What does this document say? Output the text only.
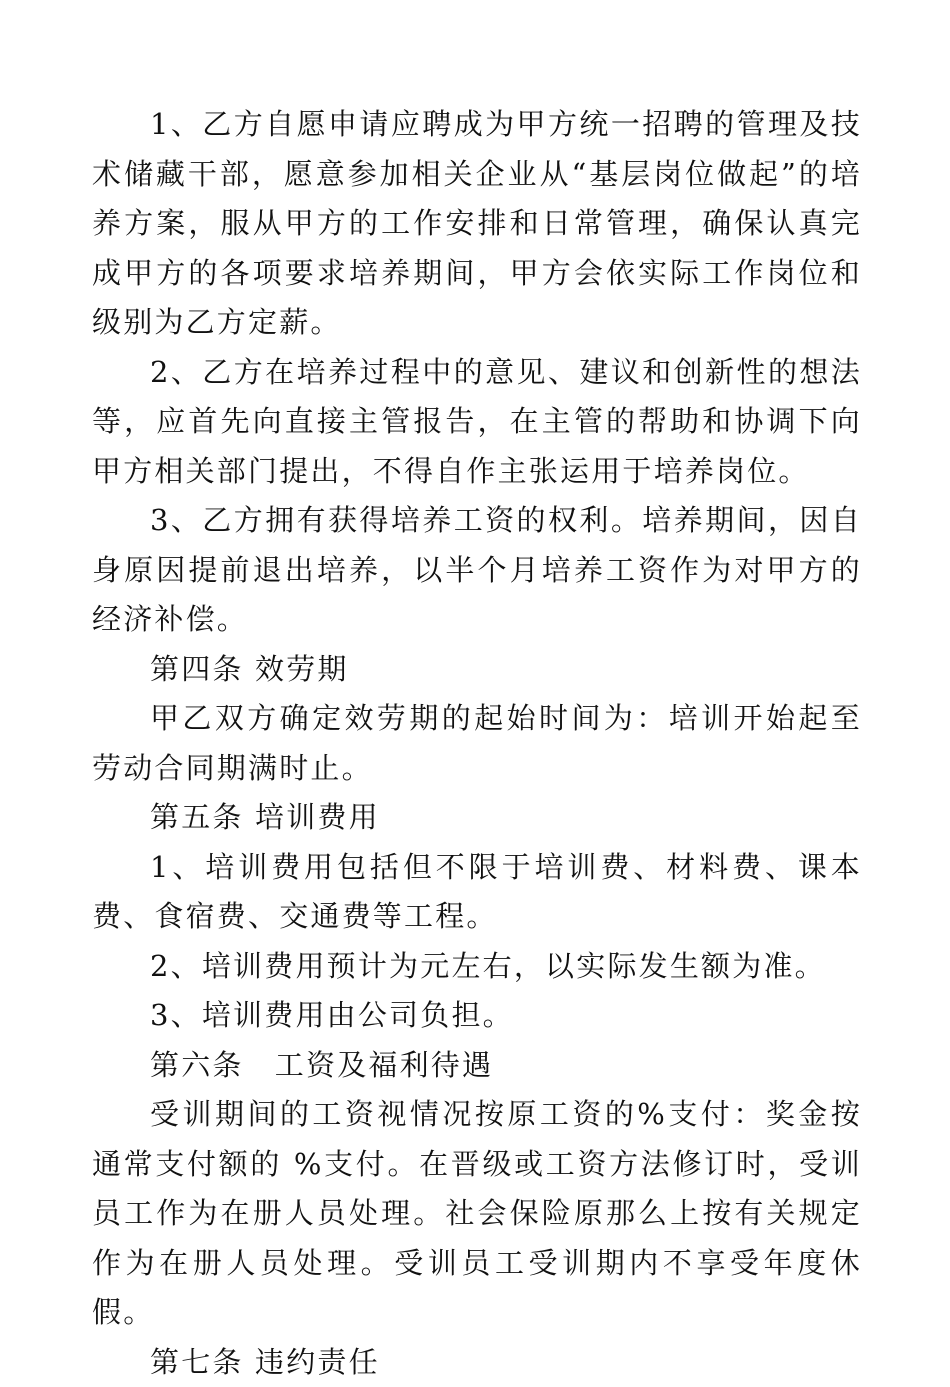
1、乙方自愿申请应聘成为甲方统一招聘的管理及技术储藏干部，愿意参加相关企业从“基层岗位做起”的培养方案，服从甲方的工作安排和日常管理，确保认真完成甲方的各项要求培养期间，甲方会依实际工作岗位和级别为乙方定薪。

2、乙方在培养过程中的意见、建议和创新性的想法等，应首先向直接主管报告，在主管的帮助和协调下向甲方相关部门提出，不得自作主张运用于培养岗位。

3、乙方拥有获得培养工资的权利。培养期间，因自身原因提前退出培养，以半个月培养工资作为对甲方的经济补偿。

第四条 效劳期

甲乙双方确定效劳期的起始时间为：培训开始起至劳动合同期满时止。

第五条 培训费用

1、培训费用包括但不限于培训费、材料费、课本费、食宿费、交通费等工程。

2、培训费用预计为元左右，以实际发生额为准。

3、培训费用由公司负担。

第六条　工资及福利待遇

受训期间的工资视情况按原工资的%支付：奖金按通常支付额的 %支付。在晋级或工资方法修订时，受训员工作为在册人员处理。社会保险原那么上按有关规定作为在册人员处理。受训员工受训期内不享受年度休假。

第七条 违约责任
